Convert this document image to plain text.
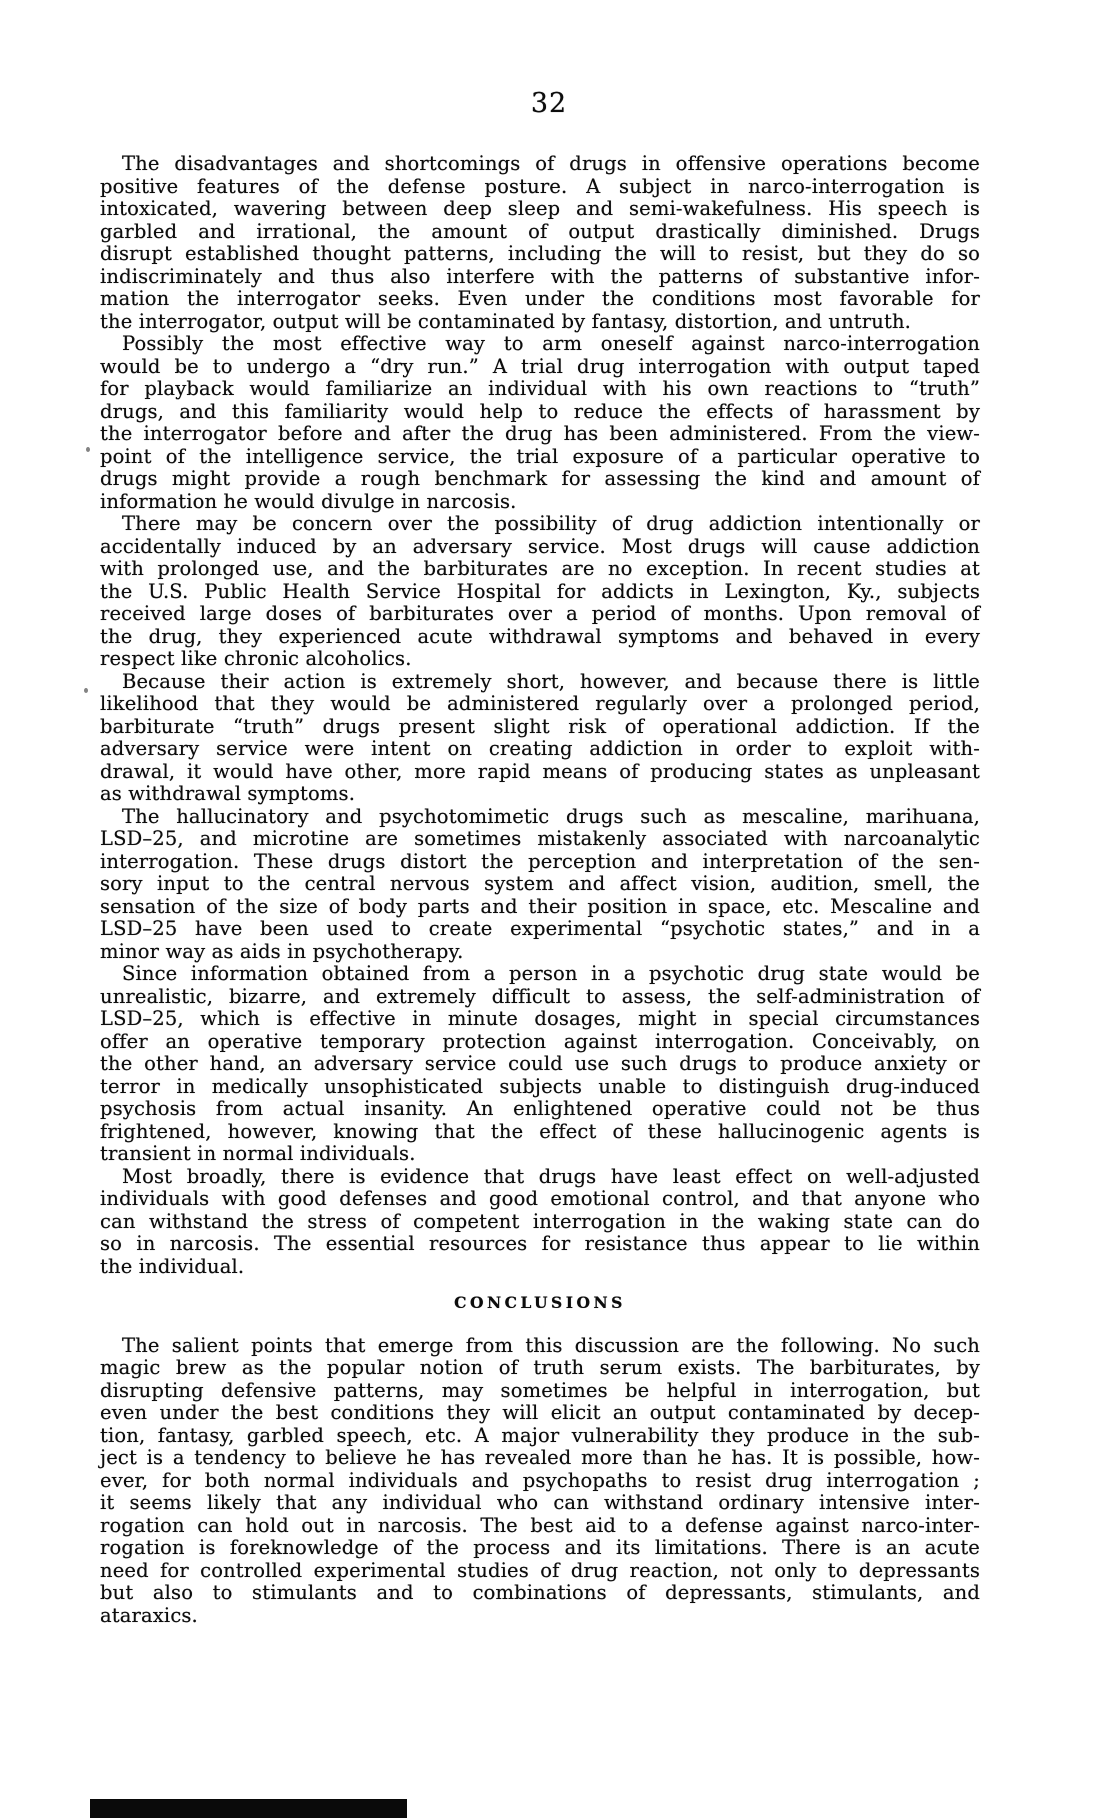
32
The disadvantages and shortcomings of drugs in offensive operations become
positive features of the defense posture. A subject in narco-interrogation is
intoxicated, wavering between deep sleep and semi-wakefulness. His speech is
garbled and irrational, the amount of output drastically diminished. Drugs
disrupt established thought patterns, including the will to resist, but they do so
indiscriminately and thus also interfere with the patterns of substantive infor-
mation the interrogator seeks. Even under the conditions most favorable for
the interrogator, output will be contaminated by fantasy, distortion, and untruth.
Possibly the most effective way to arm oneself against narco-interrogation
would be to undergo a “dry run.” A trial drug interrogation with output taped
for playback would familiarize an individual with his own reactions to “truth”
drugs, and this familiarity would help to reduce the effects of harassment by
the interrogator before and after the drug has been administered. From the view-
point of the intelligence service, the trial exposure of a particular operative to
drugs might provide a rough benchmark for assessing the kind and amount of
information he would divulge in narcosis.
There may be concern over the possibility of drug addiction intentionally or
accidentally induced by an adversary service. Most drugs will cause addiction
with prolonged use, and the barbiturates are no exception. In recent studies at
the U.S. Public Health Service Hospital for addicts in Lexington, Ky., subjects
received large doses of barbiturates over a period of months. Upon removal of
the drug, they experienced acute withdrawal symptoms and behaved in every
respect like chronic alcoholics.
Because their action is extremely short, however, and because there is little
likelihood that they would be administered regularly over a prolonged period,
barbiturate “truth” drugs present slight risk of operational addiction. If the
adversary service were intent on creating addiction in order to exploit with-
drawal, it would have other, more rapid means of producing states as unpleasant
as withdrawal symptoms.
The hallucinatory and psychotomimetic drugs such as mescaline, marihuana,
LSD–25, and microtine are sometimes mistakenly associated with narcoanalytic
interrogation. These drugs distort the perception and interpretation of the sen-
sory input to the central nervous system and affect vision, audition, smell, the
sensation of the size of body parts and their position in space, etc. Mescaline and
LSD–25 have been used to create experimental “psychotic states,” and in a
minor way as aids in psychotherapy.
Since information obtained from a person in a psychotic drug state would be
unrealistic, bizarre, and extremely difficult to assess, the self-administration of
LSD–25, which is effective in minute dosages, might in special circumstances
offer an operative temporary protection against interrogation. Conceivably, on
the other hand, an adversary service could use such drugs to produce anxiety or
terror in medically unsophisticated subjects unable to distinguish drug-induced
psychosis from actual insanity. An enlightened operative could not be thus
frightened, however, knowing that the effect of these hallucinogenic agents is
transient in normal individuals.
Most broadly, there is evidence that drugs have least effect on well-adjusted
individuals with good defenses and good emotional control, and that anyone who
can withstand the stress of competent interrogation in the waking state can do
so in narcosis. The essential resources for resistance thus appear to lie within
the individual.
CONCLUSIONS
The salient points that emerge from this discussion are the following. No such
magic brew as the popular notion of truth serum exists. The barbiturates, by
disrupting defensive patterns, may sometimes be helpful in interrogation, but
even under the best conditions they will elicit an output contaminated by decep-
tion, fantasy, garbled speech, etc. A major vulnerability they produce in the sub-
ject is a tendency to believe he has revealed more than he has. It is possible, how-
ever, for both normal individuals and psychopaths to resist drug interrogation ;
it seems likely that any individual who can withstand ordinary intensive inter-
rogation can hold out in narcosis. The best aid to a defense against narco-inter-
rogation is foreknowledge of the process and its limitations. There is an acute
need for controlled experimental studies of drug reaction, not only to depressants
but also to stimulants and to combinations of depressants, stimulants, and
ataraxics.
